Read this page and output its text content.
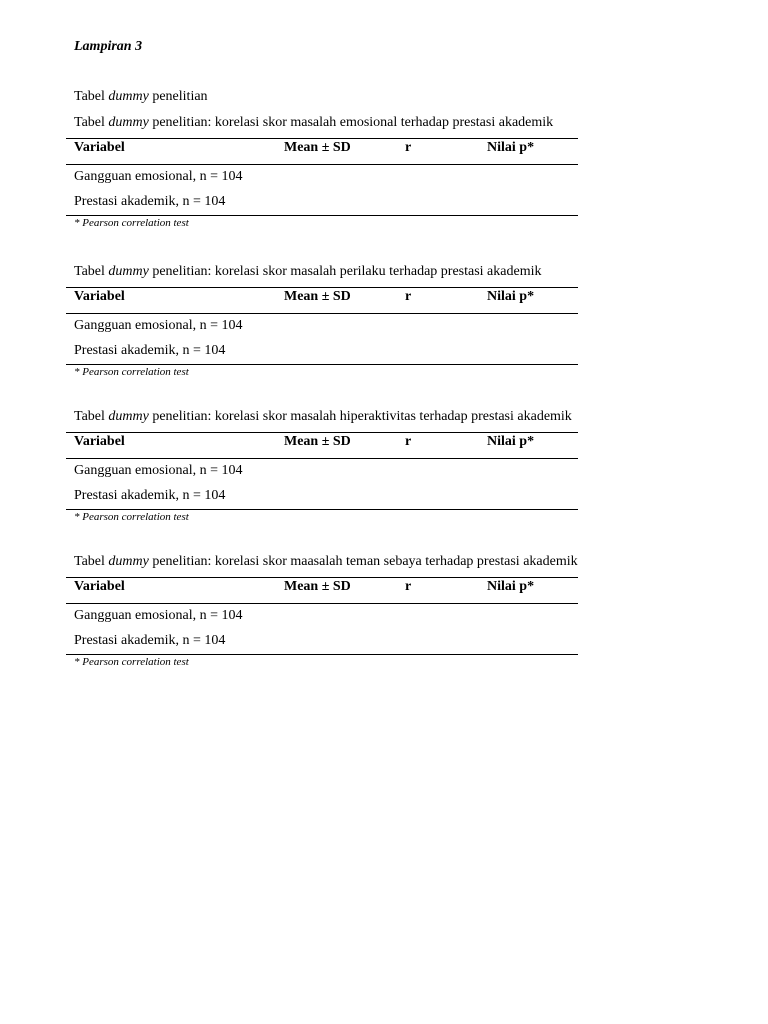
Lampiran 3
Tabel dummy penelitian
Tabel dummy penelitian: korelasi skor masalah emosional terhadap prestasi akademik
Variabel	Mean ± SD	r	Nilai p*
Gangguan emosional, n = 104
Prestasi akademik, n = 104
* Pearson correlation test
Tabel dummy penelitian: korelasi skor masalah perilaku terhadap prestasi akademik
Variabel	Mean ± SD	r	Nilai p*
Gangguan emosional, n = 104
Prestasi akademik, n = 104
* Pearson correlation test
Tabel dummy penelitian: korelasi skor masalah hiperaktivitas terhadap prestasi akademik
Variabel	Mean ± SD	r	Nilai p*
Gangguan emosional, n = 104
Prestasi akademik, n = 104
* Pearson correlation test
Tabel dummy penelitian: korelasi skor maasalah teman sebaya terhadap prestasi akademik
Variabel	Mean ± SD	r	Nilai p*
Gangguan emosional, n = 104
Prestasi akademik, n = 104
* Pearson correlation test
